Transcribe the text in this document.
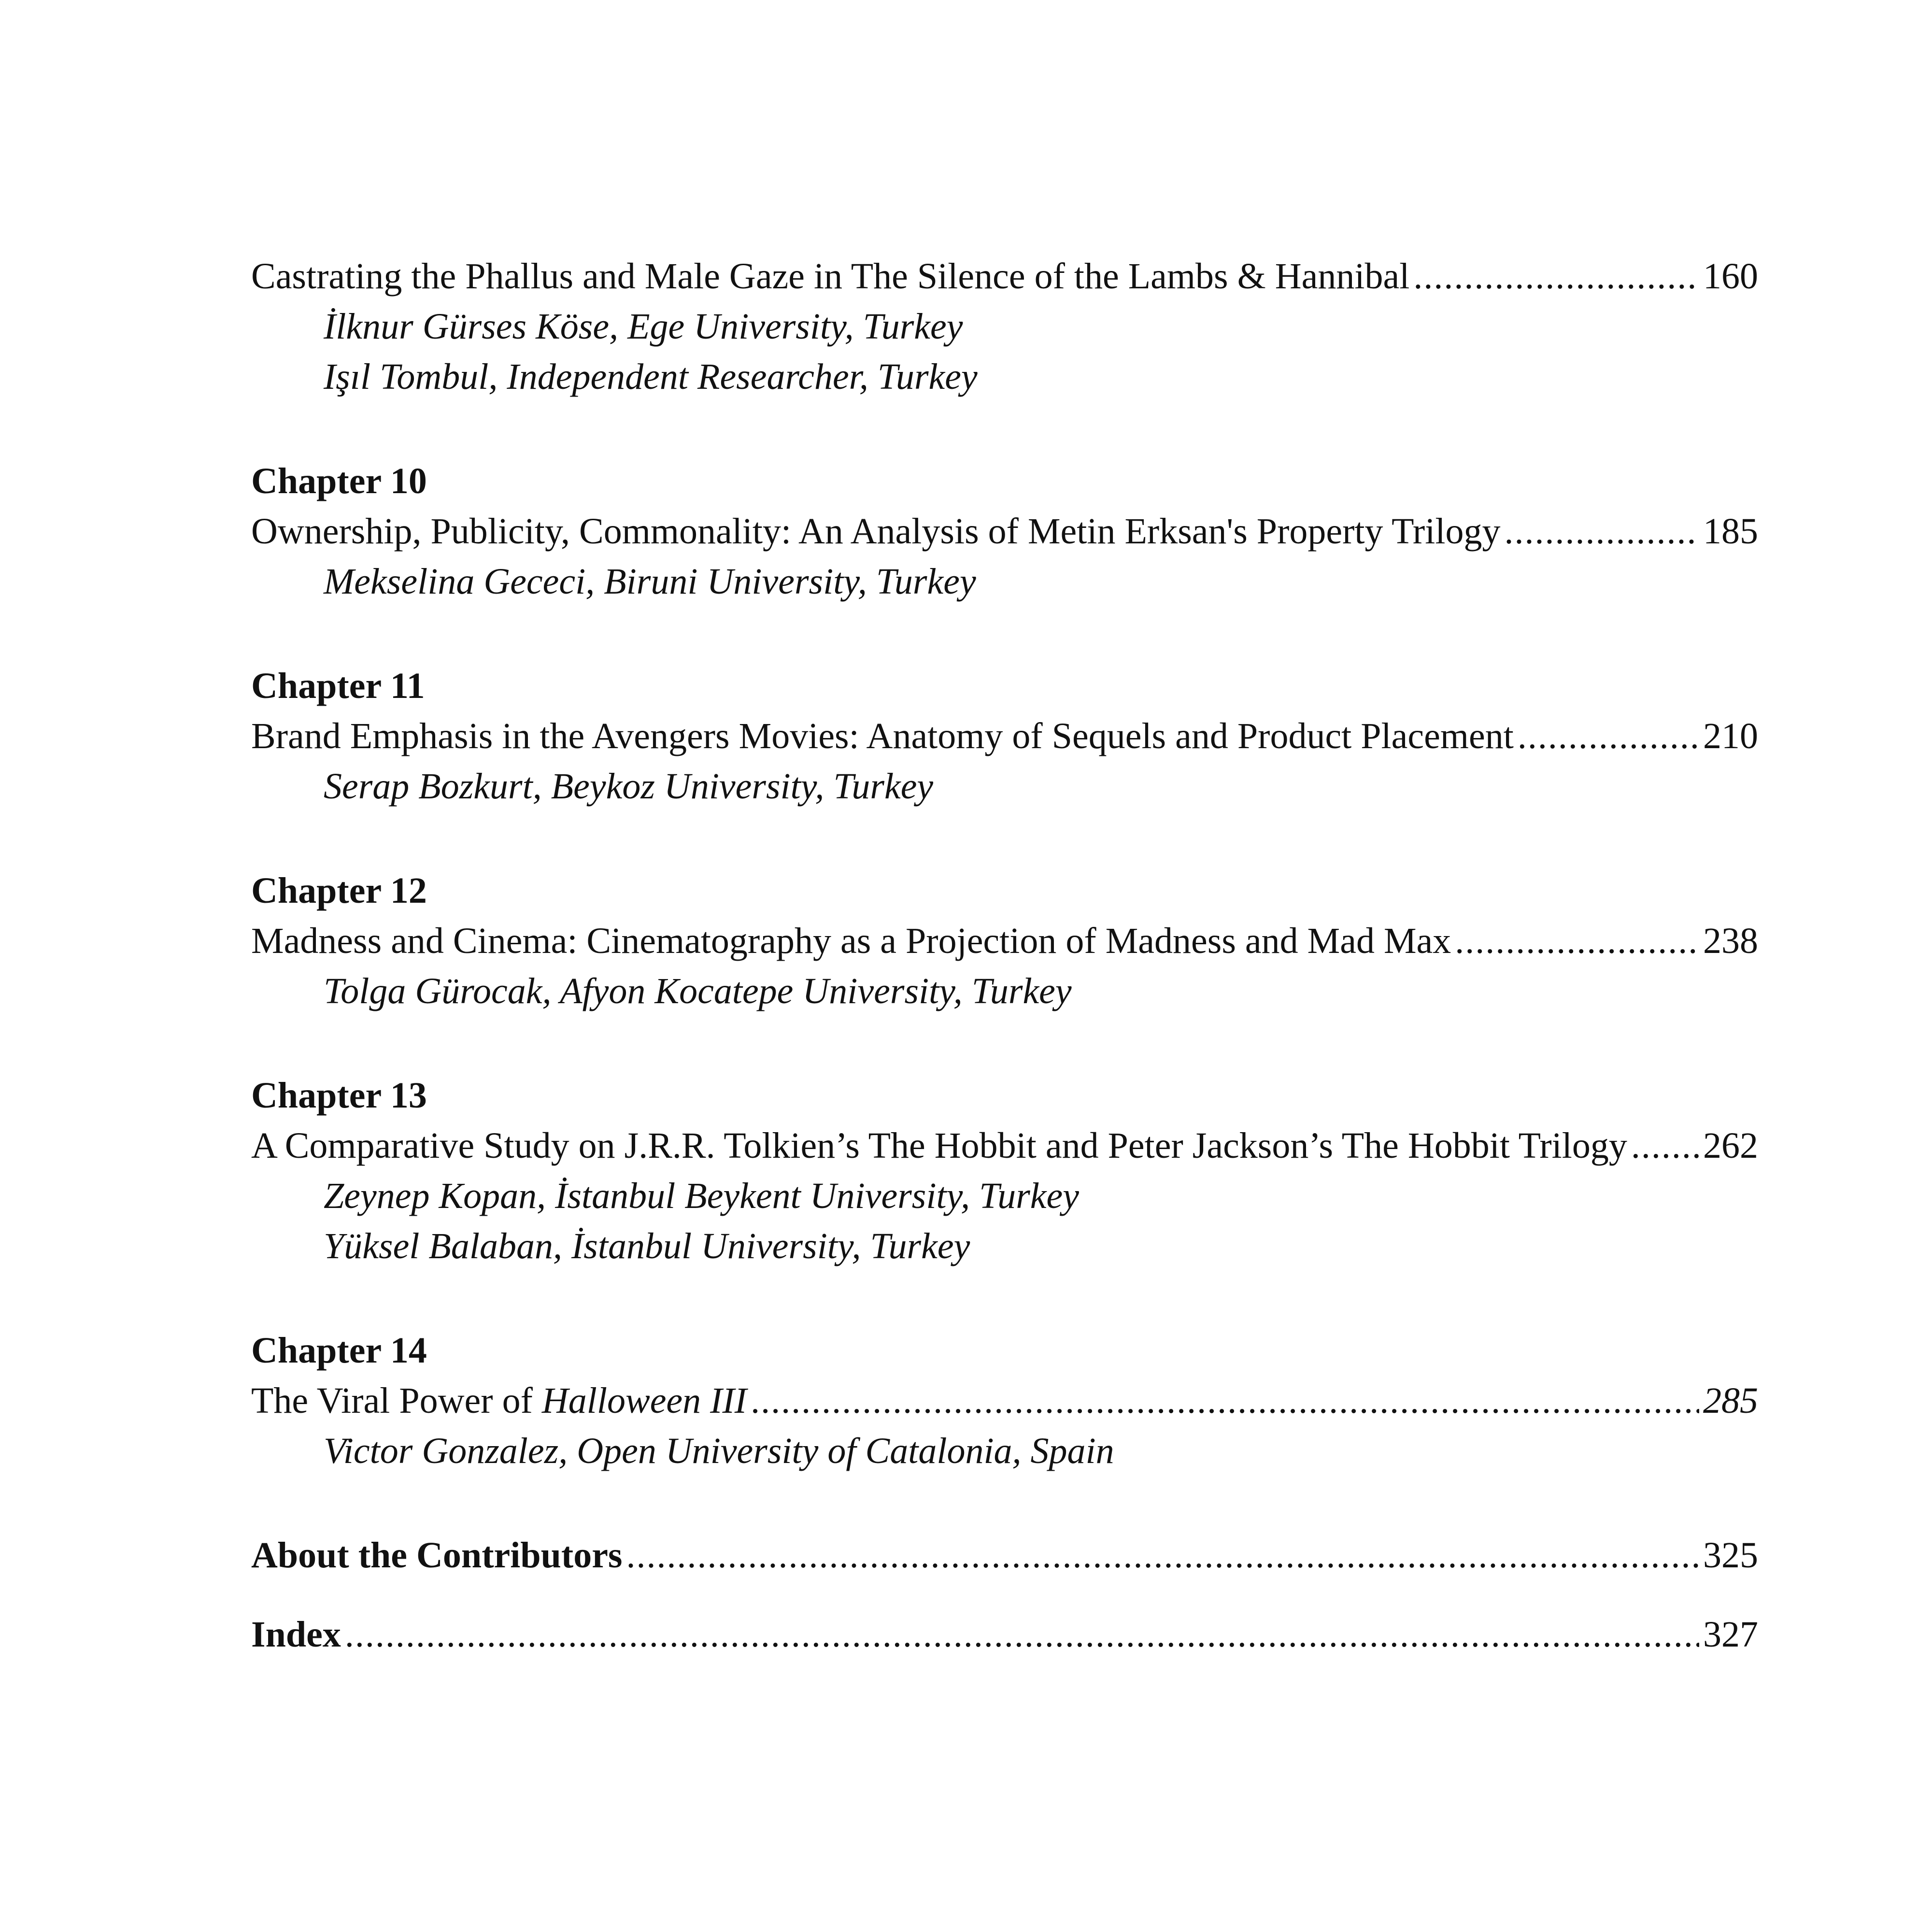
Castrating the Phallus and Male Gaze in The Silence of the Lambs & Hannibal .....	160
İlknur Gürses Köse, Ege University, Turkey
Işıl Tombul, Independent Researcher, Turkey
Chapter 10
Ownership, Publicity, Commonality: An Analysis of Metin Erksan's Property Trilogy .....	185
Mekselina Gececi, Biruni University, Turkey
Chapter 11
Brand Emphasis in the Avengers Movies: Anatomy of Sequels and Product Placement .....	210
Serap Bozkurt, Beykoz University, Turkey
Chapter 12
Madness and Cinema: Cinematography as a Projection of Madness and Mad Max .....	238
Tolga Gürocak, Afyon Kocatepe University, Turkey
Chapter 13
A Comparative Study on J.R.R. Tolkien’s The Hobbit and Peter Jackson’s The Hobbit Trilogy ..... 262
Zeynep Kopan, İstanbul Beykent University, Turkey
Yüksel Balaban, İstanbul University, Turkey
Chapter 14
The Viral Power of Halloween III .....	285
Victor Gonzalez, Open University of Catalonia, Spain
About the Contributors .....	325
Index .....	327
